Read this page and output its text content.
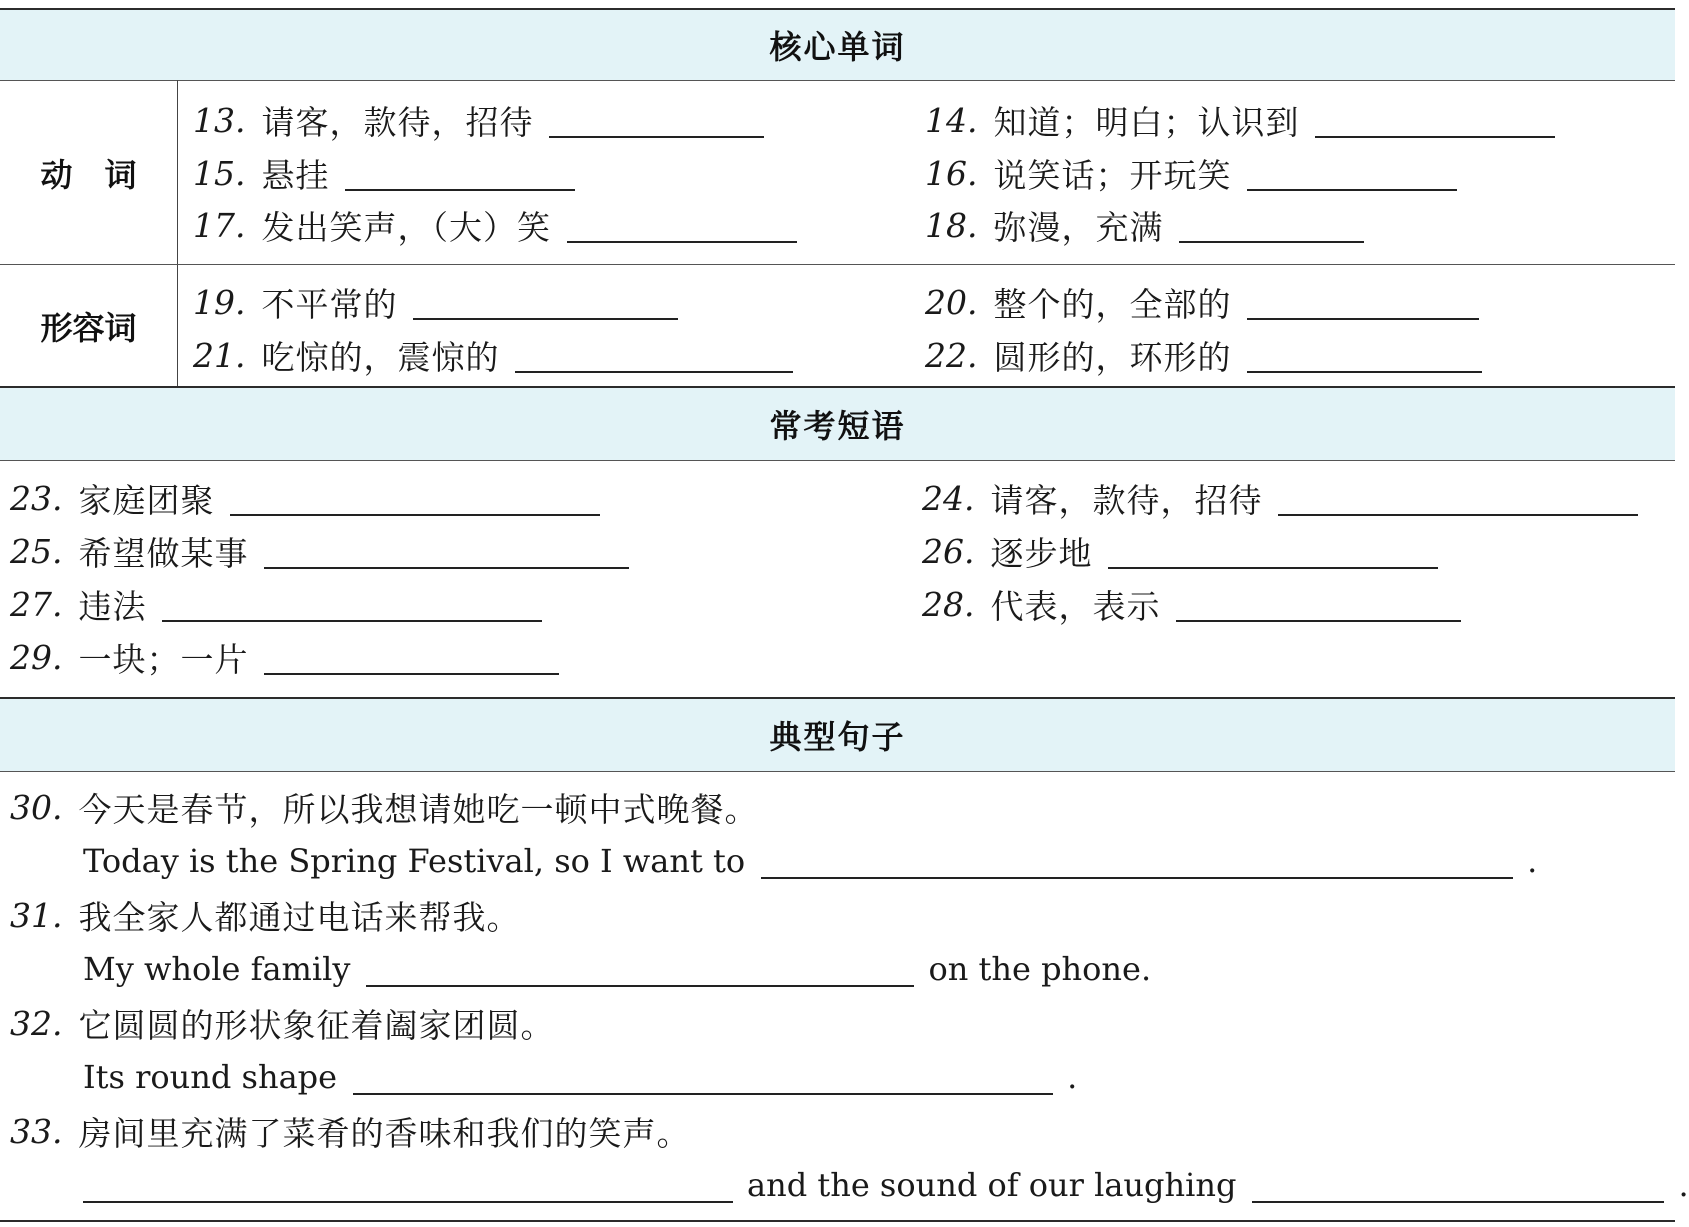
核心单词
动　词
13. 请客，款待，招待	14. 知道；明白；认识到
15. 悬挂	16. 说笑话；开玩笑
17. 发出笑声，（大）笑	18. 弥漫，充满
形容词
19. 不平常的	20. 整个的，全部的
21. 吃惊的，震惊的	22. 圆形的，环形的
常考短语
23. 家庭团聚	24. 请客，款待，招待
25. 希望做某事	26. 逐步地
27. 违法	28. 代表，表示
29. 一块；一片
典型句子
30. 今天是春节，所以我想请她吃一顿中式晚餐。
Today is the Spring Festival, so I want to	.
31. 我全家人都通过电话来帮我。
My whole family	on the phone.
32. 它圆圆的形状象征着阖家团圆。
Its round shape	.
33. 房间里充满了菜肴的香味和我们的笑声。
and the sound of our laughing	.
